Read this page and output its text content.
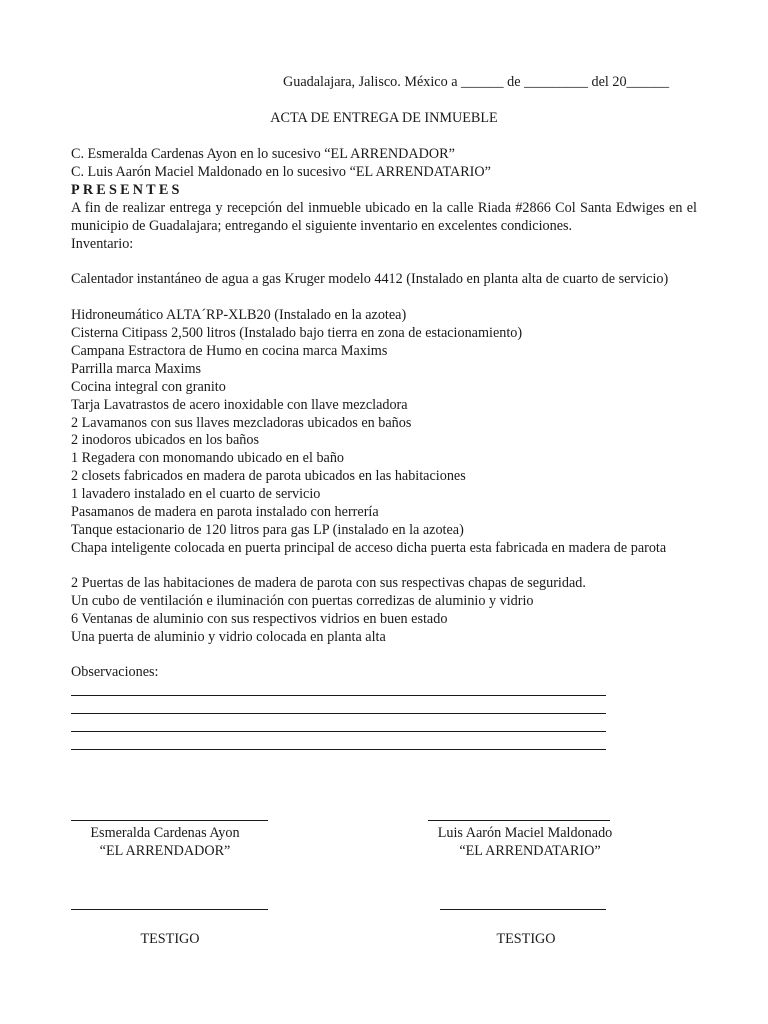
Guadalajara, Jalisco. México a ______ de _________ del 20______
ACTA DE ENTREGA DE INMUEBLE
C. Esmeralda Cardenas Ayon en lo sucesivo “EL ARRENDADOR”
C. Luis Aarón Maciel Maldonado en lo sucesivo “EL ARRENDATARIO”
PRESENTES
A fin de realizar entrega y recepción del inmueble ubicado en la calle Riada #2866 Col Santa Edwiges en el municipio de Guadalajara; entregando el siguiente inventario en excelentes condiciones.
Inventario:
Calentador instantáneo de agua a gas Kruger modelo 4412 (Instalado en planta alta de cuarto de servicio)
Hidroneumático ALTA´RP-XLB20 (Instalado en la azotea)
Cisterna Citipass 2,500 litros (Instalado bajo tierra en zona de estacionamiento)
Campana Estractora de Humo en cocina marca Maxims
Parrilla marca Maxims
Cocina integral con granito
Tarja Lavatrastos de acero inoxidable con llave mezcladora
2 Lavamanos con sus llaves mezcladoras ubicados en baños
2 inodoros ubicados en los baños
1 Regadera con monomando ubicado en el baño
2 closets fabricados en madera de parota ubicados en las habitaciones
1 lavadero instalado en el cuarto de servicio
Pasamanos de madera en parota instalado con herrería
Tanque estacionario de 120 litros para gas LP (instalado en la azotea)
Chapa inteligente colocada en puerta principal de acceso dicha puerta esta fabricada en madera de parota
2 Puertas de las habitaciones de madera de parota con sus respectivas chapas de seguridad.
Un cubo de ventilación e iluminación con puertas corredizas de aluminio y vidrio
6 Ventanas de aluminio con sus respectivos vidrios en buen estado
Una puerta de aluminio y vidrio colocada en planta alta
Observaciones:
Esmeralda Cardenas Ayon
“EL ARRENDADOR”
Luis Aarón Maciel Maldonado
“EL ARRENDATARIO”
TESTIGO	TESTIGO
